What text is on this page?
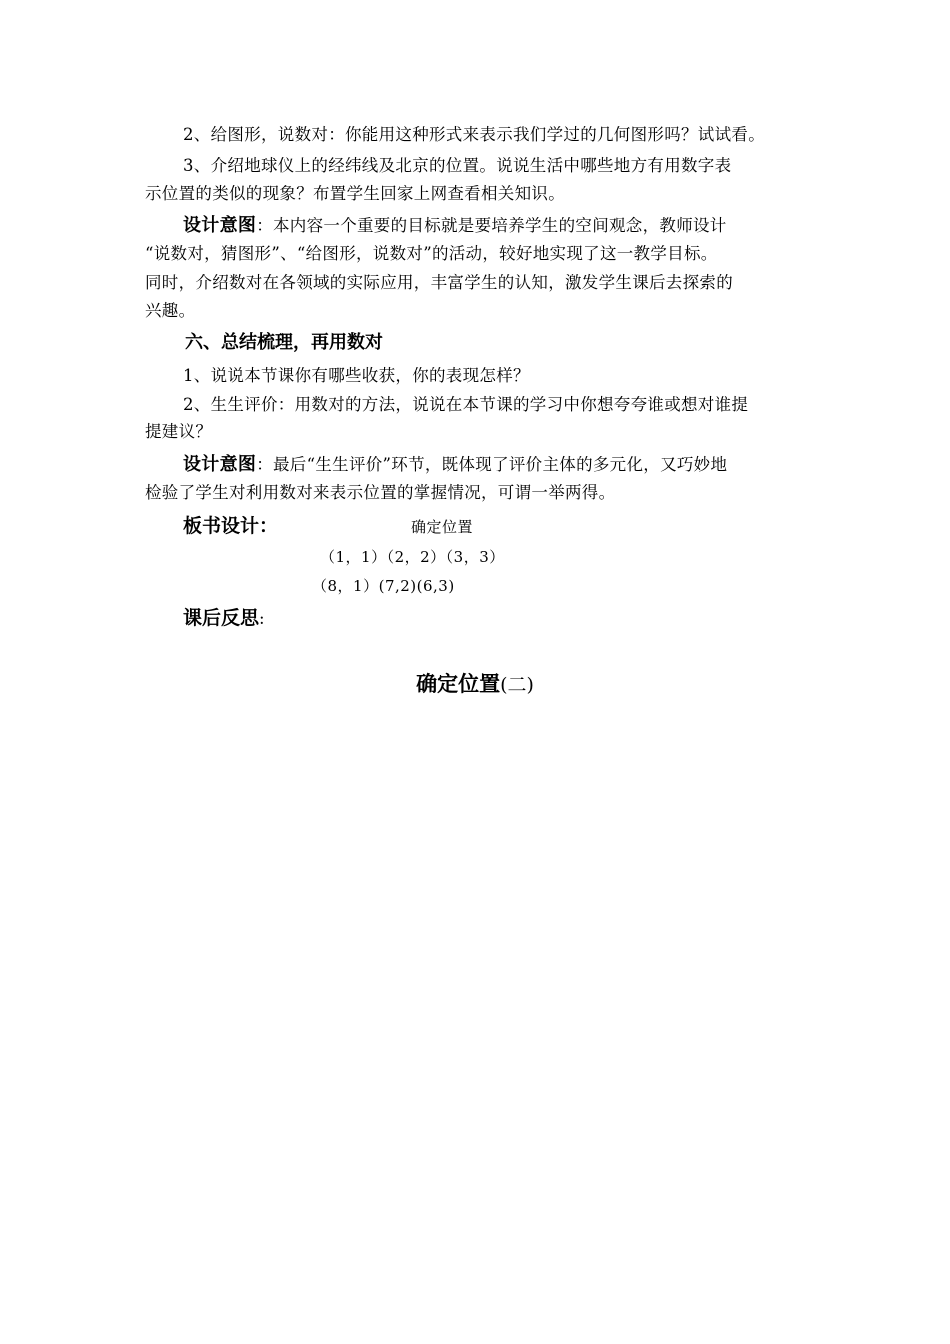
2、给图形，说数对：你能用这种形式来表示我们学过的几何图形吗？试试看。
3、介绍地球仪上的经纬线及北京的位置。说说生活中哪些地方有用数字表
示位置的类似的现象？布置学生回家上网查看相关知识。
设计意图：本内容一个重要的目标就是要培养学生的空间观念，教师设计
“说数对，猜图形”、“给图形，说数对”的活动，较好地实现了这一教学目标。
同时，介绍数对在各领域的实际应用，丰富学生的认知，激发学生课后去探索的
兴趣。
六、总结梳理，再用数对
1、说说本节课你有哪些收获，你的表现怎样？
2、生生评价：用数对的方法，说说在本节课的学习中你想夸夸谁或想对谁提
提建议？
设计意图：最后“生生评价”环节，既体现了评价主体的多元化，又巧妙地
检验了学生对利用数对来表示位置的掌握情况，可谓一举两得。
板书设计：	确定位置
（1，1）（2，2）（3，3）
（8，1）(7,2)(6,3)
课后反思:
确定位置(二)
